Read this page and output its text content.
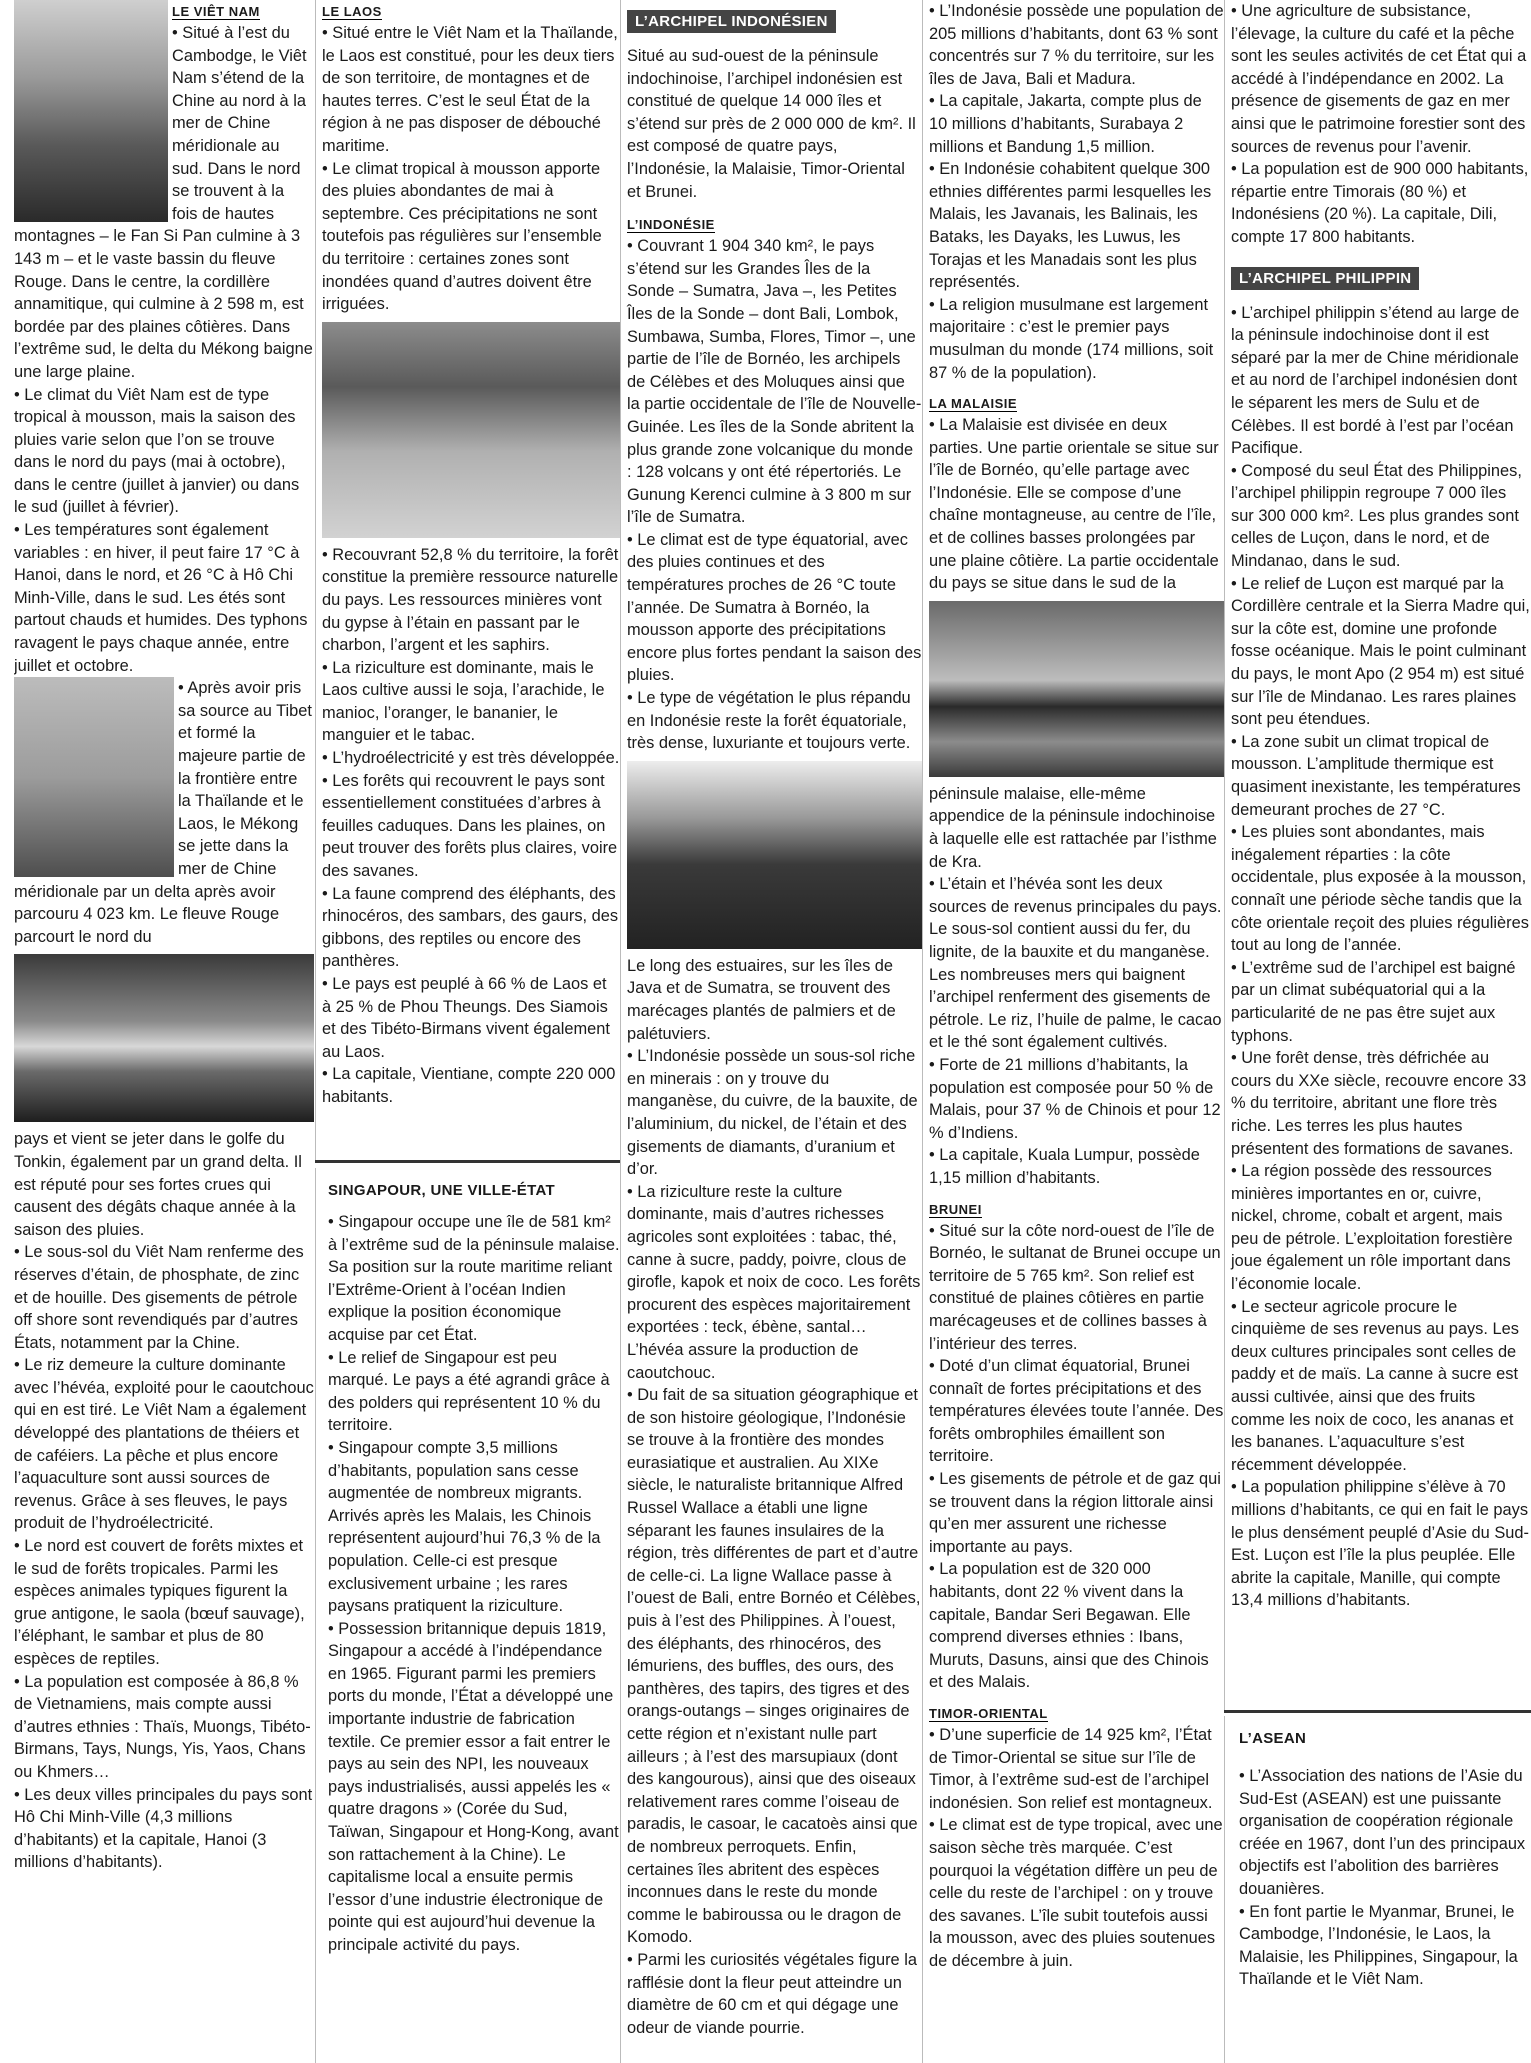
LE VIÊT NAM

• Situé à l’est du Cambodge, le Viêt Nam s’étend de la Chine au nord à la mer de Chine méridionale au sud. Dans le nord se trouvent à la fois de hautes montagnes – le Fan Si Pan culmine à 3 143 m – et le vaste bassin du fleuve Rouge. Dans le centre, la cordillère annamitique, qui culmine à 2 598 m, est bordée par des plaines côtières. Dans l’extrême sud, le delta du Mékong baigne une large plaine.

• Le climat du Viêt Nam est de type tropical à mousson, mais la saison des pluies varie selon que l’on se trouve dans le nord du pays (mai à octobre), dans le centre (juillet à janvier) ou dans le sud (juillet à février).

• Les températures sont également variables : en hiver, il peut faire 17 °C à Hanoi, dans le nord, et 26 °C à Hô Chi Minh-Ville, dans le sud. Les étés sont partout chauds et humides. Des typhons ravagent le pays chaque année, entre juillet et octobre.

• Après avoir pris sa source au Tibet et formé la majeure partie de la frontière entre la Thaïlande et le Laos, le Mékong se jette dans la mer de Chine méridionale par un delta après avoir parcouru 4 023 km. Le fleuve Rouge parcourt le nord du

pays et vient se jeter dans le golfe du Tonkin, également par un grand delta. Il est réputé pour ses fortes crues qui causent des dégâts chaque année à la saison des pluies.

• Le sous-sol du Viêt Nam renferme des réserves d’étain, de phosphate, de zinc et de houille. Des gisements de pétrole off shore sont revendiqués par d’autres États, notamment par la Chine.

• Le riz demeure la culture dominante avec l’hévéa, exploité pour le caoutchouc qui en est tiré. Le Viêt Nam a également développé des plantations de théiers et de caféiers. La pêche et plus encore l’aquaculture sont aussi sources de revenus. Grâce à ses fleuves, le pays produit de l’hydroélectricité.

• Le nord est couvert de forêts mixtes et le sud de forêts tropicales. Parmi les espèces animales typiques figurent la grue antigone, le saola (bœuf sauvage), l’éléphant, le sambar et plus de 80 espèces de reptiles.

• La population est composée à 86,8 % de Vietnamiens, mais compte aussi d’autres ethnies : Thaïs, Muongs, Tibéto-Birmans, Tays, Nungs, Yis, Yaos, Chans ou Khmers…

• Les deux villes principales du pays sont Hô Chi Minh-Ville (4,3 millions d’habitants) et la capitale, Hanoi (3 millions d’habitants).

LE LAOS

• Situé entre le Viêt Nam et la Thaïlande, le Laos est constitué, pour les deux tiers de son territoire, de montagnes et de hautes terres. C’est le seul État de la région à ne pas disposer de débouché maritime.

• Le climat tropical à mousson apporte des pluies abondantes de mai à septembre. Ces précipitations ne sont toutefois pas régulières sur l’ensemble du territoire : certaines zones sont inondées quand d’autres doivent être irriguées.

• Recouvrant 52,8 % du territoire, la forêt constitue la première ressource naturelle du pays. Les ressources minières vont du gypse à l’étain en passant par le charbon, l’argent et les saphirs.

• La riziculture est dominante, mais le Laos cultive aussi le soja, l’arachide, le manioc, l’oranger, le bananier, le manguier et le tabac.

• L’hydroélectricité y est très développée.

• Les forêts qui recouvrent le pays sont essentiellement constituées d’arbres à feuilles caduques. Dans les plaines, on peut trouver des forêts plus claires, voire des savanes.

• La faune comprend des éléphants, des rhinocéros, des sambars, des gaurs, des gibbons, des reptiles ou encore des panthères.

• Le pays est peuplé à 66 % de Laos et à 25 % de Phou Theungs. Des Siamois et des Tibéto-Birmans vivent également au Laos.

• La capitale, Vientiane, compte 220 000 habitants.

SINGAPOUR, UNE VILLE-ÉTAT

• Singapour occupe une île de 581 km² à l’extrême sud de la péninsule malaise. Sa position sur la route maritime reliant l’Extrême-Orient à l’océan Indien explique la position économique acquise par cet État.

• Le relief de Singapour est peu marqué. Le pays a été agrandi grâce à des polders qui représentent 10 % du territoire.

• Singapour compte 3,5 millions d’habitants, population sans cesse augmentée de nombreux migrants. Arrivés après les Malais, les Chinois représentent aujourd’hui 76,3 % de la population. Celle-ci est presque exclusivement urbaine ; les rares paysans pratiquent la riziculture.

• Possession britannique depuis 1819, Singapour a accédé à l’indépendance en 1965. Figurant parmi les premiers ports du monde, l’État a développé une importante industrie de fabrication textile. Ce premier essor a fait entrer le pays au sein des NPI, les nouveaux pays industrialisés, aussi appelés les « quatre dragons » (Corée du Sud, Taïwan, Singapour et Hong-Kong, avant son rattachement à la Chine). Le capitalisme local a ensuite permis l’essor d’une industrie électronique de pointe qui est aujourd’hui devenue la principale activité du pays.

L’ARCHIPEL INDONÉSIEN

Situé au sud-ouest de la péninsule indochinoise, l’archipel indonésien est constitué de quelque 14 000 îles et s’étend sur près de 2 000 000 de km². Il est composé de quatre pays, l’Indonésie, la Malaisie, Timor-Oriental et Brunei.

L’INDONÉSIE

• Couvrant 1 904 340 km², le pays s’étend sur les Grandes Îles de la Sonde – Sumatra, Java –, les Petites Îles de la Sonde – dont Bali, Lombok, Sumbawa, Sumba, Flores, Timor –, une partie de l’île de Bornéo, les archipels de Célèbes et des Moluques ainsi que la partie occidentale de l’île de Nouvelle-Guinée. Les îles de la Sonde abritent la plus grande zone volcanique du monde : 128 volcans y ont été répertoriés. Le Gunung Kerenci culmine à 3 800 m sur l’île de Sumatra.

• Le climat est de type équatorial, avec des pluies continues et des températures proches de 26 °C toute l’année. De Sumatra à Bornéo, la mousson apporte des précipitations encore plus fortes pendant la saison des pluies.

• Le type de végétation le plus répandu en Indonésie reste la forêt équatoriale, très dense, luxuriante et toujours verte.

Le long des estuaires, sur les îles de Java et de Sumatra, se trouvent des marécages plantés de palmiers et de palétuviers.

• L’Indonésie possède un sous-sol riche en minerais : on y trouve du manganèse, du cuivre, de la bauxite, de l’aluminium, du nickel, de l’étain et des gisements de diamants, d’uranium et d’or.

• La riziculture reste la culture dominante, mais d’autres richesses agricoles sont exploitées : tabac, thé, canne à sucre, paddy, poivre, clous de girofle, kapok et noix de coco. Les forêts procurent des espèces majoritairement exportées : teck, ébène, santal… L’hévéa assure la production de caoutchouc.

• Du fait de sa situation géographique et de son histoire géologique, l’Indonésie se trouve à la frontière des mondes eurasiatique et australien. Au XIXe siècle, le naturaliste britannique Alfred Russel Wallace a établi une ligne séparant les faunes insulaires de la région, très différentes de part et d’autre de celle-ci. La ligne Wallace passe à l’ouest de Bali, entre Bornéo et Célèbes, puis à l’est des Philippines. À l’ouest, des éléphants, des rhinocéros, des lémuriens, des buffles, des ours, des panthères, des tapirs, des tigres et des orangs-outangs – singes originaires de cette région et n’existant nulle part ailleurs ; à l’est des marsupiaux (dont des kangourous), ainsi que des oiseaux relativement rares comme l’oiseau de paradis, le casoar, le cacatoès ainsi que de nombreux perroquets. Enfin, certaines îles abritent des espèces inconnues dans le reste du monde comme le babiroussa ou le dragon de Komodo.

• Parmi les curiosités végétales figure la rafflésie dont la fleur peut atteindre un diamètre de 60 cm et qui dégage une odeur de viande pourrie.

• L’Indonésie possède une population de 205 millions d’habitants, dont 63 % sont concentrés sur 7 % du territoire, sur les îles de Java, Bali et Madura.

• La capitale, Jakarta, compte plus de 10 millions d’habitants, Surabaya 2 millions et Bandung 1,5 million.

• En Indonésie cohabitent quelque 300 ethnies différentes parmi lesquelles les Malais, les Javanais, les Balinais, les Bataks, les Dayaks, les Luwus, les Torajas et les Manadais sont les plus représentés.

• La religion musulmane est largement majoritaire : c’est le premier pays musulman du monde (174 millions, soit 87 % de la population).

LA MALAISIE

• La Malaisie est divisée en deux parties. Une partie orientale se situe sur l’île de Bornéo, qu’elle partage avec l’Indonésie. Elle se compose d’une chaîne montagneuse, au centre de l’île, et de collines basses prolongées par une plaine côtière. La partie occidentale du pays se situe dans le sud de la

péninsule malaise, elle-même appendice de la péninsule indochinoise à laquelle elle est rattachée par l’isthme de Kra.

• L’étain et l’hévéa sont les deux sources de revenus principales du pays. Le sous-sol contient aussi du fer, du lignite, de la bauxite et du manganèse. Les nombreuses mers qui baignent l’archipel renferment des gisements de pétrole. Le riz, l’huile de palme, le cacao et le thé sont également cultivés.

• Forte de 21 millions d’habitants, la population est composée pour 50 % de Malais, pour 37 % de Chinois et pour 12 % d’Indiens.

• La capitale, Kuala Lumpur, possède 1,15 million d’habitants.

BRUNEI

• Situé sur la côte nord-ouest de l’île de Bornéo, le sultanat de Brunei occupe un territoire de 5 765 km². Son relief est constitué de plaines côtières en partie marécageuses et de collines basses à l’intérieur des terres.

• Doté d’un climat équatorial, Brunei connaît de fortes précipitations et des températures élevées toute l’année. Des forêts ombrophiles émaillent son territoire.

• Les gisements de pétrole et de gaz qui se trouvent dans la région littorale ainsi qu’en mer assurent une richesse importante au pays.

• La population est de 320 000 habitants, dont 22 % vivent dans la capitale, Bandar Seri Begawan. Elle comprend diverses ethnies : Ibans, Muruts, Dasuns, ainsi que des Chinois et des Malais.

TIMOR-ORIENTAL

• D’une superficie de 14 925 km², l’État de Timor-Oriental se situe sur l’île de Timor, à l’extrême sud-est de l’archipel indonésien. Son relief est montagneux.

• Le climat est de type tropical, avec une saison sèche très marquée. C’est pourquoi la végétation diffère un peu de celle du reste de l’archipel : on y trouve des savanes. L’île subit toutefois aussi la mousson, avec des pluies soutenues de décembre à juin.

• Une agriculture de subsistance, l’élevage, la culture du café et la pêche sont les seules activités de cet État qui a accédé à l’indépendance en 2002. La présence de gisements de gaz en mer ainsi que le patrimoine forestier sont des sources de revenus pour l’avenir.

• La population est de 900 000 habitants, répartie entre Timorais (80 %) et Indonésiens (20 %). La capitale, Dili, compte 17 800 habitants.

L’ARCHIPEL PHILIPPIN

• L’archipel philippin s’étend au large de la péninsule indochinoise dont il est séparé par la mer de Chine méridionale et au nord de l’archipel indonésien dont le séparent les mers de Sulu et de Célèbes. Il est bordé à l’est par l’océan Pacifique.

• Composé du seul État des Philippines, l’archipel philippin regroupe 7 000 îles sur 300 000 km². Les plus grandes sont celles de Luçon, dans le nord, et de Mindanao, dans le sud.

• Le relief de Luçon est marqué par la Cordillère centrale et la Sierra Madre qui, sur la côte est, domine une profonde fosse océanique. Mais le point culminant du pays, le mont Apo (2 954 m) est situé sur l’île de Mindanao. Les rares plaines sont peu étendues.

• La zone subit un climat tropical de mousson. L’amplitude thermique est quasiment inexistante, les températures demeurant proches de 27 °C.

• Les pluies sont abondantes, mais inégalement réparties : la côte occidentale, plus exposée à la mousson, connaît une période sèche tandis que la côte orientale reçoit des pluies régulières tout au long de l’année.

• L’extrême sud de l’archipel est baigné par un climat subéquatorial qui a la particularité de ne pas être sujet aux typhons.

• Une forêt dense, très défrichée au cours du XXe siècle, recouvre encore 33 % du territoire, abritant une flore très riche. Les terres les plus hautes présentent des formations de savanes.

• La région possède des ressources minières importantes en or, cuivre, nickel, chrome, cobalt et argent, mais peu de pétrole. L’exploitation forestière joue également un rôle important dans l’économie locale.

• Le secteur agricole procure le cinquième de ses revenus au pays. Les deux cultures principales sont celles de paddy et de maïs. La canne à sucre est aussi cultivée, ainsi que des fruits comme les noix de coco, les ananas et les bananes. L’aquaculture s’est récemment développée.

• La population philippine s’élève à 70 millions d’habitants, ce qui en fait le pays le plus densément peuplé d’Asie du Sud-Est. Luçon est l’île la plus peuplée. Elle abrite la capitale, Manille, qui compte 13,4 millions d’habitants.

L’ASEAN

• L’Association des nations de l’Asie du Sud-Est (ASEAN) est une puissante organisation de coopération régionale créée en 1967, dont l’un des principaux objectifs est l’abolition des barrières douanières.

• En font partie le Myanmar, Brunei, le Cambodge, l’Indonésie, le Laos, la Malaisie, les Philippines, Singapour, la Thaïlande et le Viêt Nam.
